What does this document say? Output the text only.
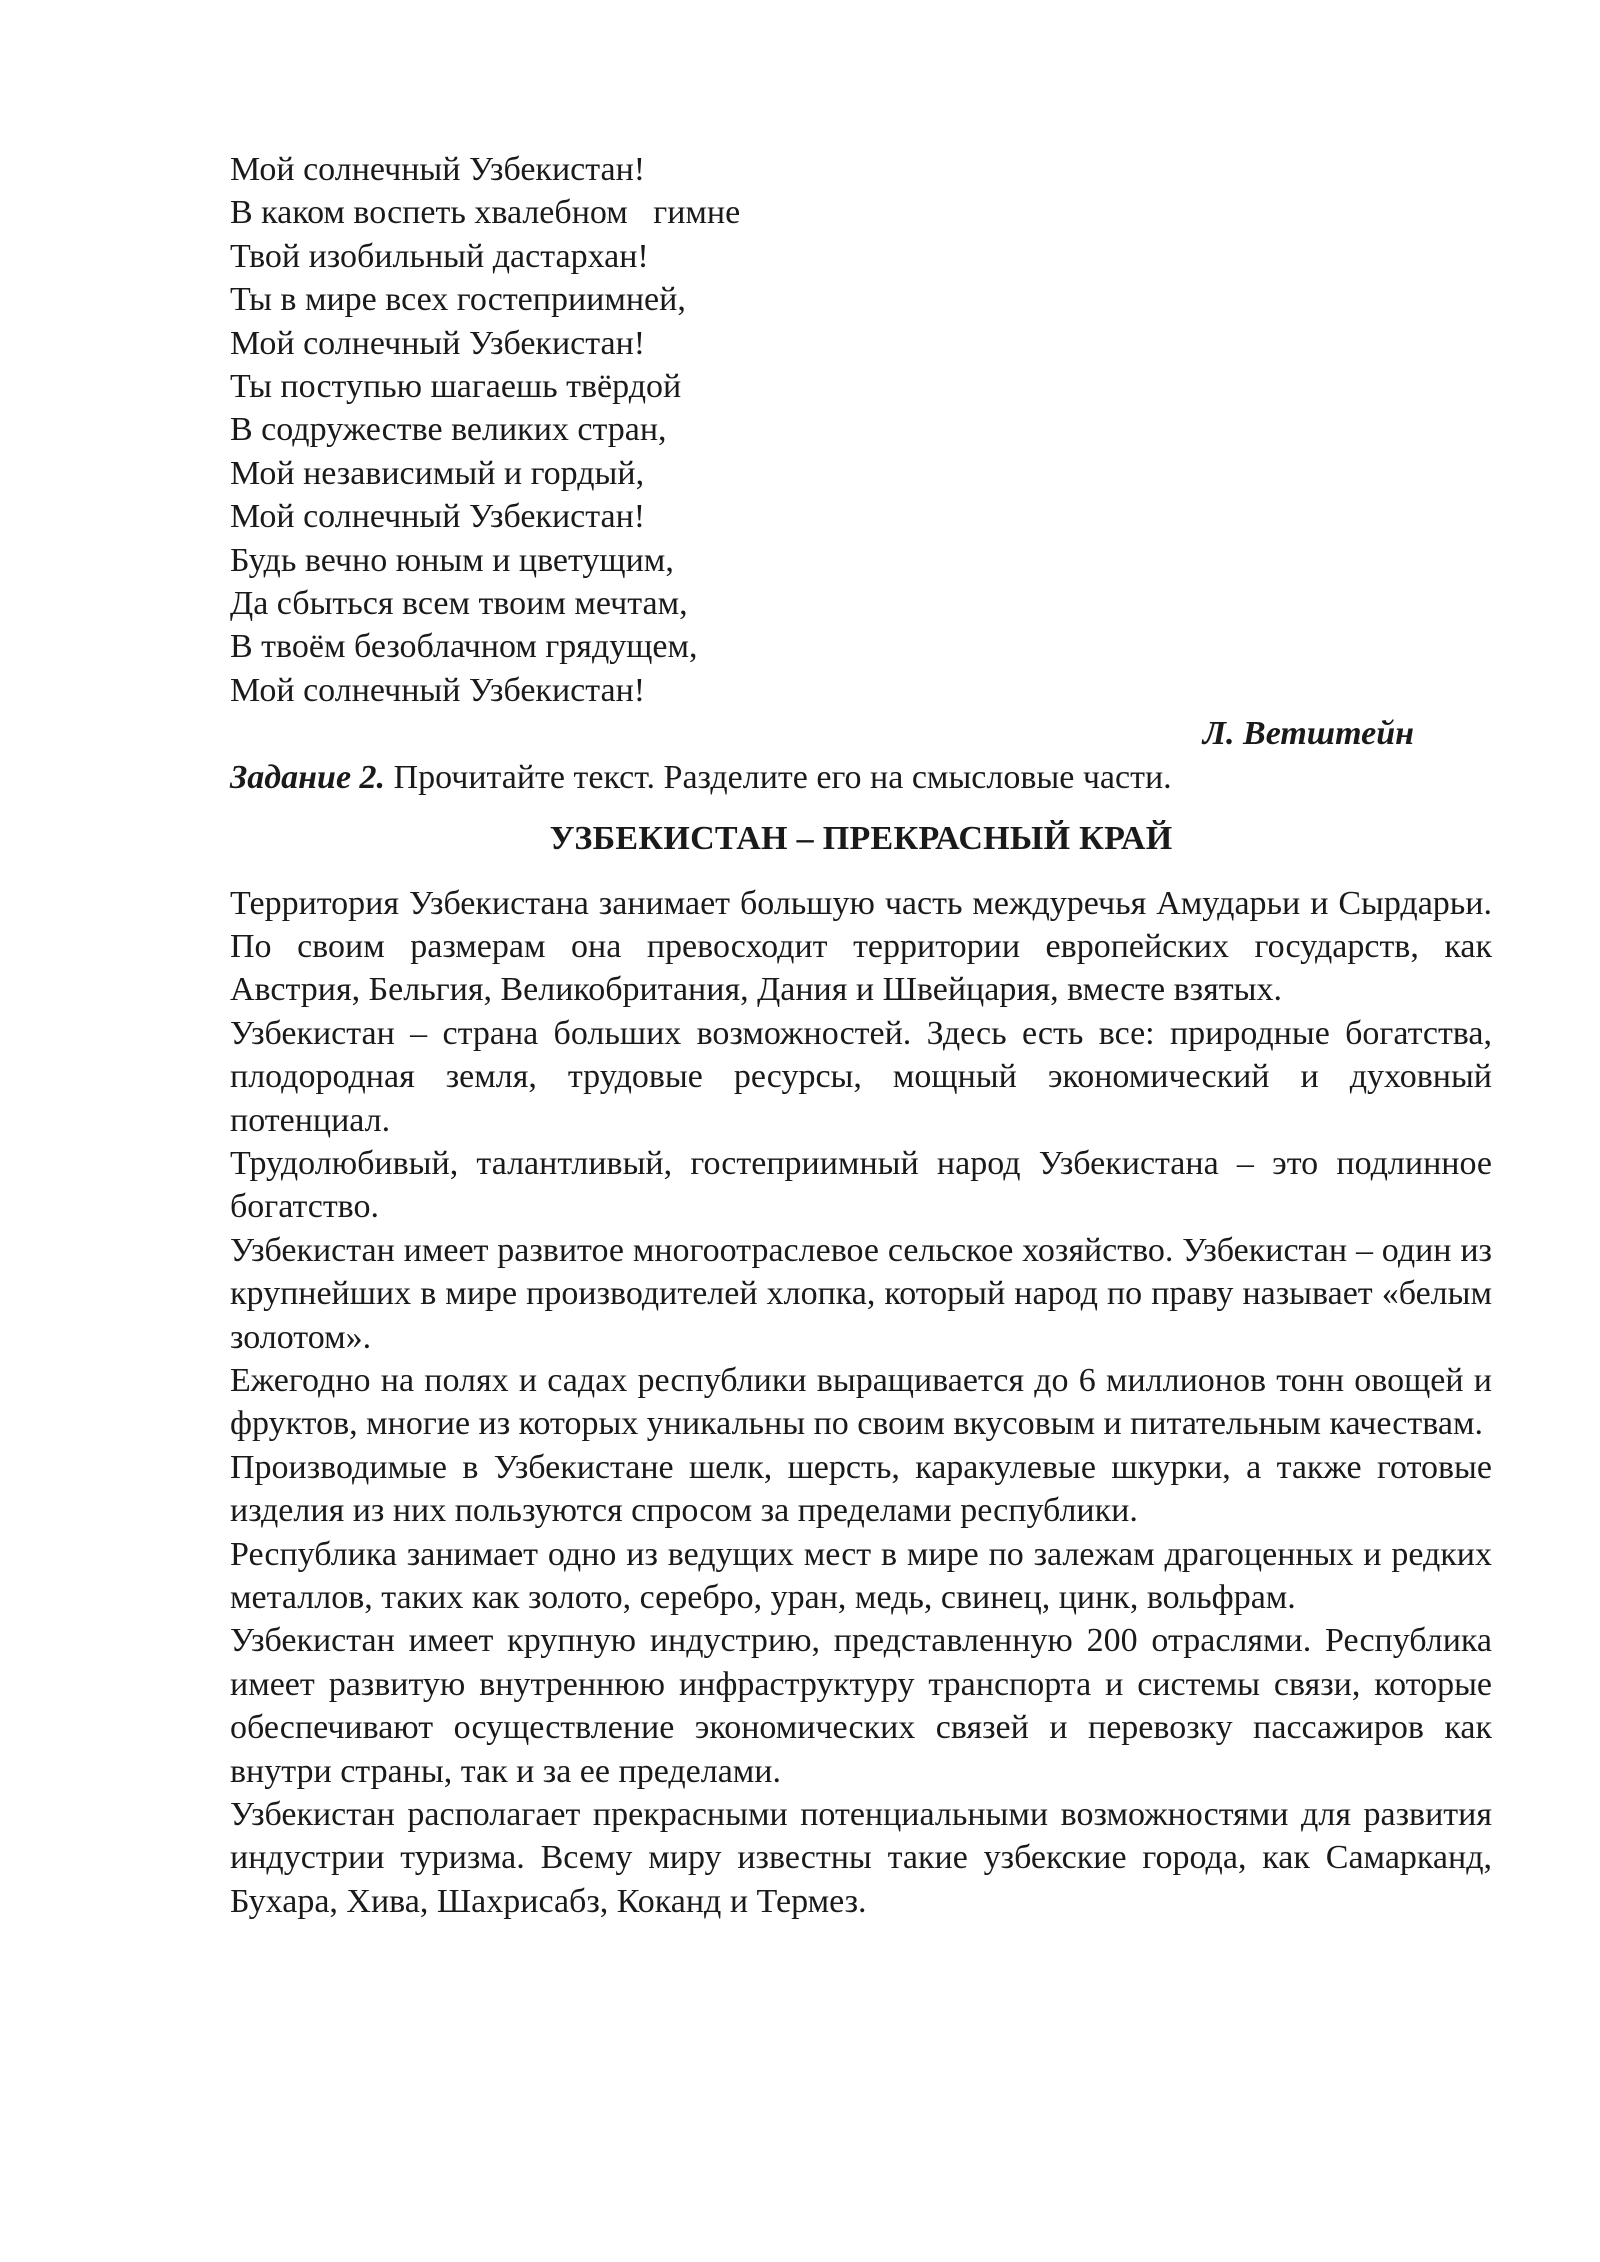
Мой солнечный Узбекистан!
В каком воспеть хвалебном   гимне
Твой изобильный дастархан!
Ты в мире всех гостеприимней,
Мой солнечный Узбекистан!
Ты поступью шагаешь твёрдой
В содружестве великих стран,
Мой независимый и гордый,
Мой солнечный Узбекистан!
Будь вечно юным и цветущим,
Да сбыться всем твоим мечтам,
В твоём безоблачном грядущем,
Мой солнечный Узбекистан!
Л. Ветштейн
Задание 2. Прочитайте текст. Разделите его на смысловые части.
УЗБЕКИСТАН – ПРЕКРАСНЫЙ КРАЙ
Территория Узбекистана занимает большую часть междуречья Амударьи и Сырдарьи. По своим размерам она превосходит территории европейских государств, как Австрия, Бельгия, Великобритания, Дания и Швейцария, вместе взятых.
Узбекистан – страна больших возможностей. Здесь есть все: природные богатства, плодородная земля, трудовые ресурсы, мощный экономический и духовный потенциал.
Трудолюбивый, талантливый, гостеприимный народ Узбекистана – это подлинное богатство.
Узбекистан имеет развитое многоотраслевое сельское хозяйство. Узбекистан – один из крупнейших в мире производителей хлопка, который народ по праву называет «белым золотом».
Ежегодно на полях и садах республики выращивается до 6 миллионов тонн овощей и фруктов, многие из которых уникальны по своим вкусовым и питательным качествам.
Производимые в Узбекистане шелк, шерсть, каракулевые шкурки, а также готовые изделия из них пользуются спросом за пределами республики.
Республика занимает одно из ведущих мест в мире по залежам драгоценных и редких металлов, таких как золото, серебро, уран, медь, свинец, цинк, вольфрам.
Узбекистан имеет крупную индустрию, представленную 200 отраслями. Республика имеет развитую внутреннюю инфраструктуру транспорта и системы связи, которые обеспечивают осуществление экономических связей и перевозку пассажиров как внутри страны, так и за ее пределами.
Узбекистан располагает прекрасными потенциальными возможностями для развития индустрии туризма. Всему миру известны такие узбекские города, как Самарканд, Бухара, Хива, Шахрисабз, Коканд и Термез.
